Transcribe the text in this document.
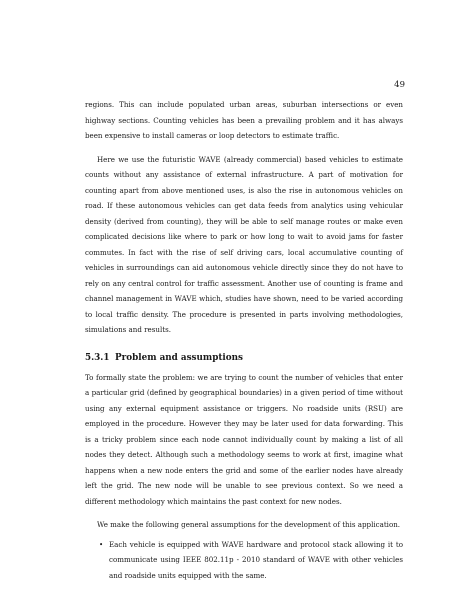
49

regions. This can include populated urban areas, suburban intersections or even highway sections. Counting vehicles has been a prevailing problem and it has always been expensive to install cameras or loop detectors to estimate traffic.

Here we use the futuristic WAVE (already commercial) based vehicles to estimate counts without any assistance of external infrastructure. A part of motivation for counting apart from above mentioned uses, is also the rise in autonomous vehicles on road. If these autonomous vehicles can get data feeds from analytics using vehicular density (derived from counting), they will be able to self manage routes or make even complicated decisions like where to park or how long to wait to avoid jams for faster commutes. In fact with the rise of self driving cars, local accumulative counting of vehicles in surroundings can aid autonomous vehicle directly since they do not have to rely on any central control for traffic assessment. Another use of counting is frame and channel management in WAVE which, studies have shown, need to be varied according to local traffic density. The procedure is presented in parts involving methodologies, simulations and results.

5.3.1 Problem and assumptions

To formally state the problem: we are trying to count the number of vehicles that enter a particular grid (defined by geographical boundaries) in a given period of time without using any external equipment assistance or triggers. No roadside units (RSU) are employed in the procedure. However they may be later used for data forwarding. This is a tricky problem since each node cannot individually count by making a list of all nodes they detect. Although such a methodology seems to work at first, imagine what happens when a new node enters the grid and some of the earlier nodes have already left the grid. The new node will be unable to see previous context. So we need a different methodology which maintains the past context for new nodes.

We make the following general assumptions for the development of this application.

• Each vehicle is equipped with WAVE hardware and protocol stack allowing it to communicate using IEEE 802.11p - 2010 standard of WAVE with other vehicles and roadside units equipped with the same.
